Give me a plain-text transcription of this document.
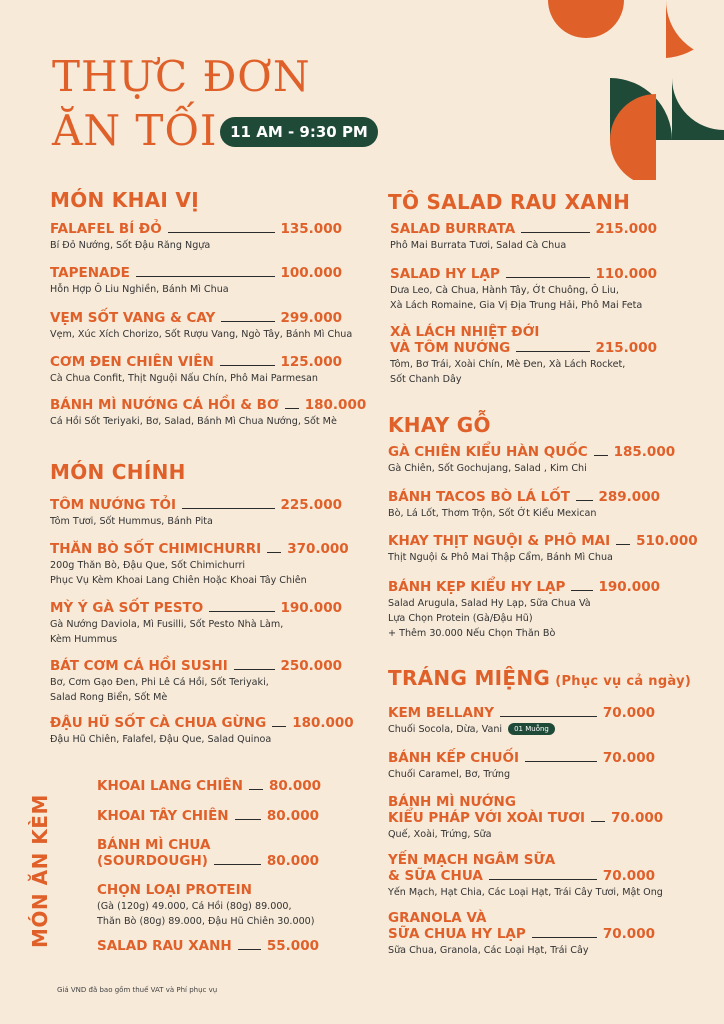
THỰC ĐƠN
ĂN TỐI 11 AM - 9:30 PM
MÓN KHAI VỊ
FALAFEL BÍ ĐỎ	135.000
Bí Đỏ Nướng, Sốt Đậu Răng Ngựa
TAPENADE	100.000
Hỗn Hợp Ô Liu Nghiền, Bánh Mì Chua
VẸM SỐT VANG & CAY	299.000
Vẹm, Xúc Xích Chorizo, Sốt Rượu Vang, Ngò Tây, Bánh Mì Chua
CƠM ĐEN CHIÊN VIÊN	125.000
Cà Chua Confit, Thịt Nguội Nấu Chín, Phô Mai Parmesan
BÁNH MÌ NƯỚNG CÁ HỒI & BƠ 180.000
Cá Hồi Sốt Teriyaki, Bơ, Salad, Bánh Mì Chua Nướng, Sốt Mè
MÓN CHÍNH
TÔM NƯỚNG TỎI	225.000
Tôm Tươi, Sốt Hummus, Bánh Pita
THĂN BÒ SỐT CHIMICHURRI 370.000
200g Thăn Bò, Đậu Que, Sốt Chimichurri
Phục Vụ Kèm Khoai Lang Chiên Hoặc Khoai Tây Chiên
MỲ Ý GÀ SỐT PESTO	190.000
Gà Nướng Daviola, Mì Fusilli, Sốt Pesto Nhà Làm,
Kèm Hummus
BÁT CƠM CÁ HỒI SUSHI	250.000
Bơ, Cơm Gạo Đen, Phi Lê Cá Hồi, Sốt Teriyaki,
Salad Rong Biển, Sốt Mè
ĐẬU HŨ SỐT CÀ CHUA GỪNG 180.000
Đậu Hũ Chiên, Falafel, Đậu Que, Salad Quinoa
MÓN ĂN KÈM
KHOAI LANG CHIÊN 80.000
KHOAI TÂY CHIÊN	80.000
BÁNH MÌ CHUA
(SOURDOUGH)	80.000
CHỌN LOẠI PROTEIN
(Gà (120g) 49.000, Cá Hồi (80g) 89.000,
Thăn Bò (80g) 89.000, Đậu Hũ Chiên 30.000)
SALAD RAU XANH	55.000
TÔ SALAD RAU XANH
SALAD BURRATA	215.000
Phô Mai Burrata Tươi, Salad Cà Chua
SALAD HY LẠP	110.000
Dưa Leo, Cà Chua, Hành Tây, Ớt Chuông, Ô Liu,
Xà Lách Romaine, Gia Vị Địa Trung Hải, Phô Mai Feta
XÀ LÁCH NHIỆT ĐỚI
VÀ TÔM NƯỚNG	215.000
Tôm, Bơ Trái, Xoài Chín, Mè Đen, Xà Lách Rocket,
Sốt Chanh Dây
KHAY GỖ
GÀ CHIÊN KIỂU HÀN QUỐC 185.000
Gà Chiên, Sốt Gochujang, Salad , Kim Chi
BÁNH TACOS BÒ LÁ LỐT 289.000
Bò, Lá Lốt, Thơm Trộn, Sốt Ớt Kiểu Mexican
KHAY THỊT NGUỘI & PHÔ MAI 510.000
Thịt Nguội & Phô Mai Thập Cẩm, Bánh Mì Chua
BÁNH KẸP KIỂU HY LẠP 190.000
Salad Arugula, Salad Hy Lạp, Sữa Chua Và
Lựa Chọn Protein (Gà/Đậu Hũ)
+ Thêm 30.000 Nếu Chọn Thăn Bò
TRÁNG MIỆNG (Phục vụ cả ngày)
KEM BELLANY	70.000
Chuối Socola, Dừa, Vani 01 Muỗng
BÁNH KẾP CHUỐI	70.000
Chuối Caramel, Bơ, Trứng
BÁNH MÌ NƯỚNG
KIỂU PHÁP VỚI XOÀI TƯƠI 70.000
Quế, Xoài, Trứng, Sữa
YẾN MẠCH NGÂM SỮA
& SỮA CHUA	70.000
Yến Mạch, Hạt Chia, Các Loại Hạt, Trái Cây Tươi, Mật Ong
GRANOLA VÀ
SỮA CHUA HY LẠP	70.000
Sữa Chua, Granola, Các Loại Hạt, Trái Cây
Giá VND đã bao gồm thuế VAT và Phí phục vụ
